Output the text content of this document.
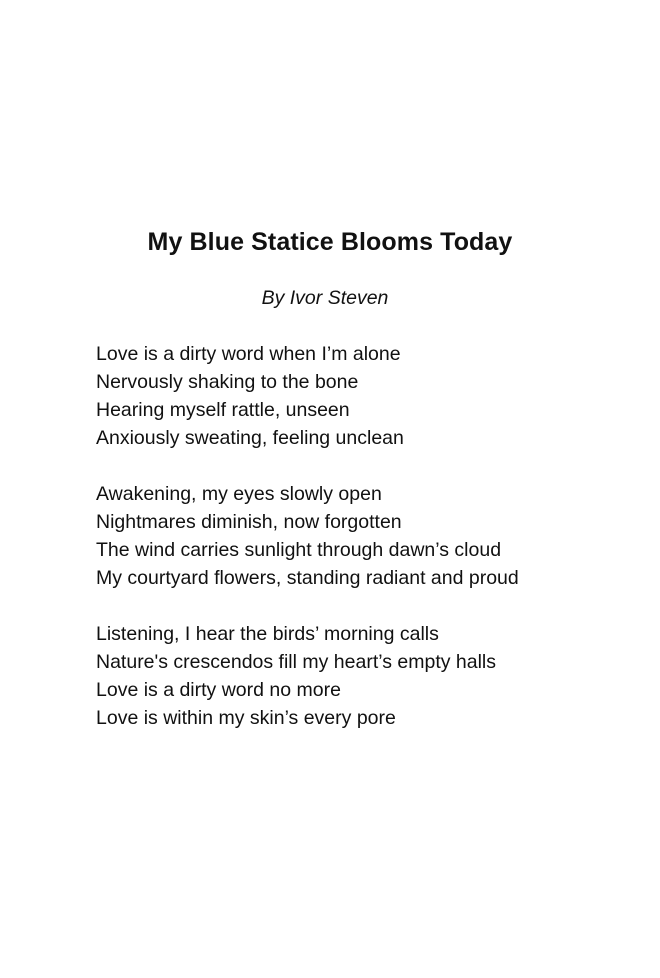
My Blue Statice Blooms Today

By Ivor Steven

Love is a dirty word when I’m alone
Nervously shaking to the bone
Hearing myself rattle, unseen
Anxiously sweating, feeling unclean
Awakening, my eyes slowly open
Nightmares diminish, now forgotten
The wind carries sunlight through dawn’s cloud
My courtyard flowers, standing radiant and proud
Listening, I hear the birds’ morning calls
Nature's crescendos fill my heart’s empty halls
Love is a dirty word no more
Love is within my skin’s every pore
